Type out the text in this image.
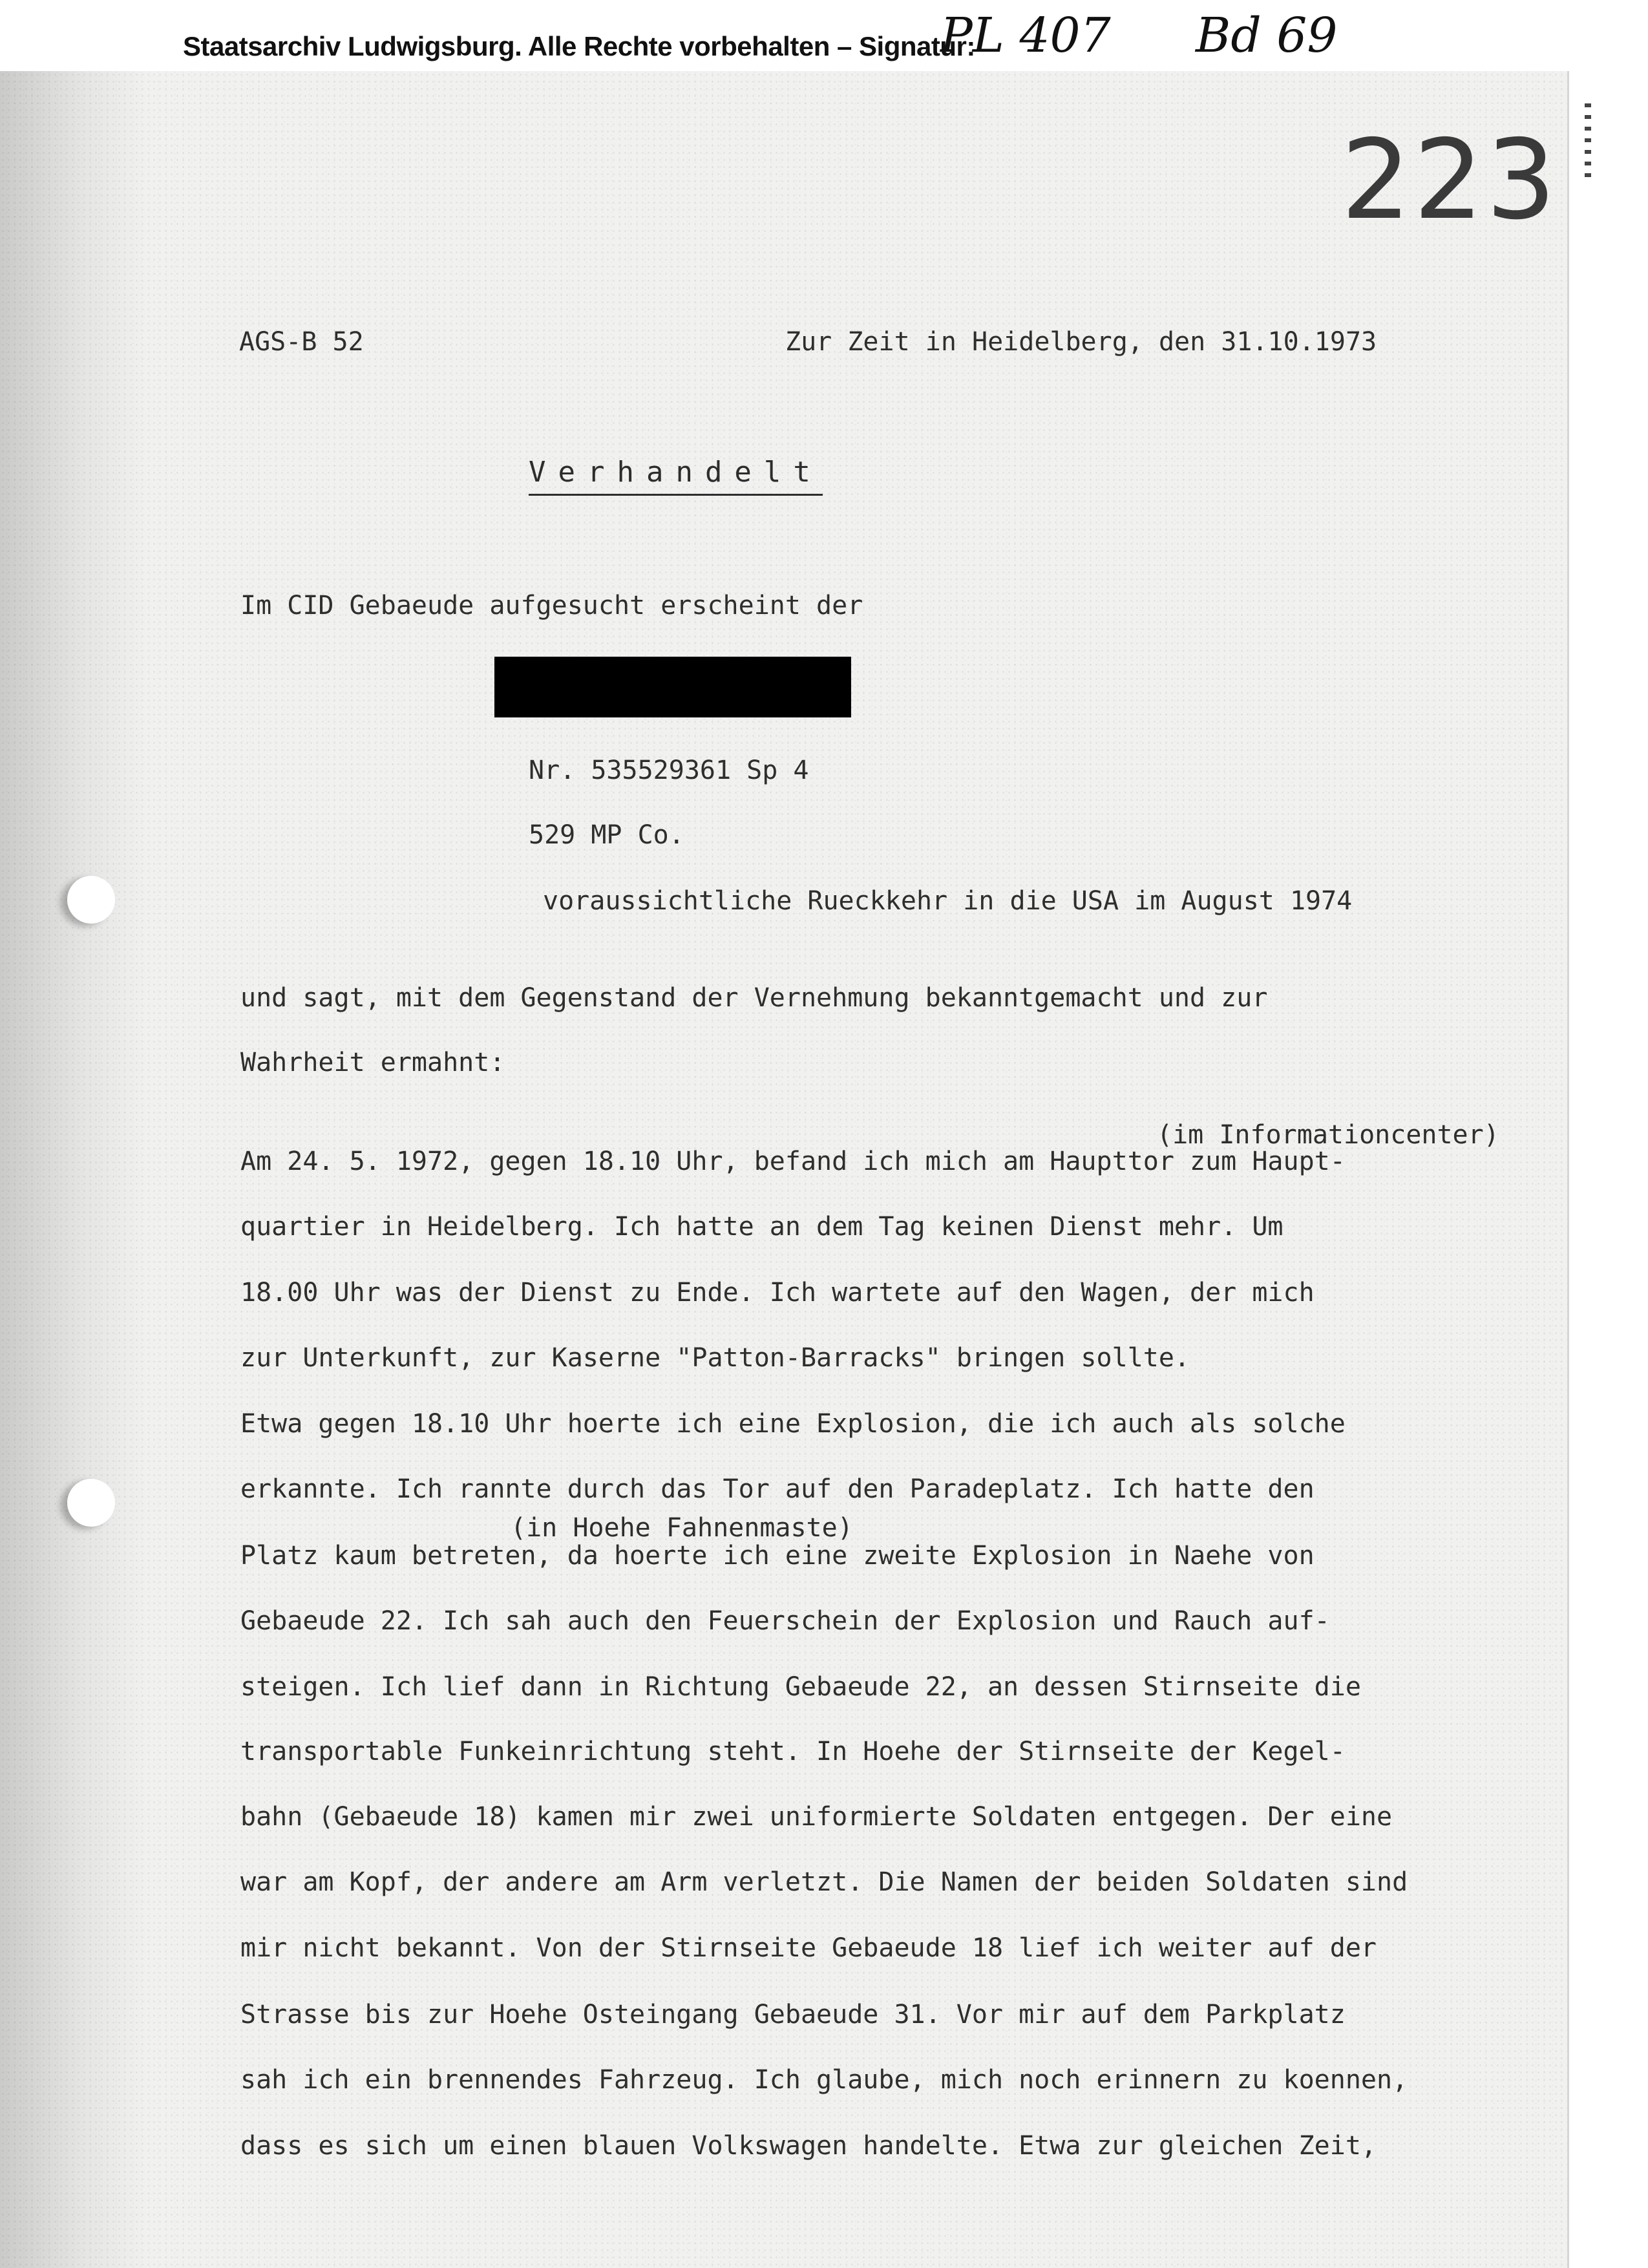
Staatsarchiv Ludwigsburg. Alle Rechte vorbehalten – Signatur:
PL 407 Bd 69
223
AGS-B 52	Zur Zeit in Heidelberg, den 31.10.1973
Verhandelt
Im CID Gebaeude aufgesucht erscheint der
Nr. 535529361 Sp 4
529 MP Co.
voraussichtliche Rueckkehr in die USA im August 1974
und sagt, mit dem Gegenstand der Vernehmung bekanntgemacht und zur
Wahrheit ermahnt:
(im Informationcenter)
(in Hoehe Fahnenmaste)
Am 24. 5. 1972, gegen 18.10 Uhr, befand ich mich am Haupttor zum Haupt-
quartier in Heidelberg. Ich hatte an dem Tag keinen Dienst mehr. Um
18.00 Uhr was der Dienst zu Ende. Ich wartete auf den Wagen, der mich
zur Unterkunft, zur Kaserne "Patton-Barracks" bringen sollte.
Etwa gegen 18.10 Uhr hoerte ich eine Explosion, die ich auch als solche
erkannte. Ich rannte durch das Tor auf den Paradeplatz. Ich hatte den
Platz kaum betreten, da hoerte ich eine zweite Explosion in Naehe von
Gebaeude 22. Ich sah auch den Feuerschein der Explosion und Rauch auf-
steigen. Ich lief dann in Richtung Gebaeude 22, an dessen Stirnseite die
transportable Funkeinrichtung steht. In Hoehe der Stirnseite der Kegel-
bahn (Gebaeude 18) kamen mir zwei uniformierte Soldaten entgegen. Der eine
war am Kopf, der andere am Arm verletzt. Die Namen der beiden Soldaten sind
mir nicht bekannt. Von der Stirnseite Gebaeude 18 lief ich weiter auf der
Strasse bis zur Hoehe Osteingang Gebaeude 31. Vor mir auf dem Parkplatz
sah ich ein brennendes Fahrzeug. Ich glaube, mich noch erinnern zu koennen,
dass es sich um einen blauen Volkswagen handelte. Etwa zur gleichen Zeit,
